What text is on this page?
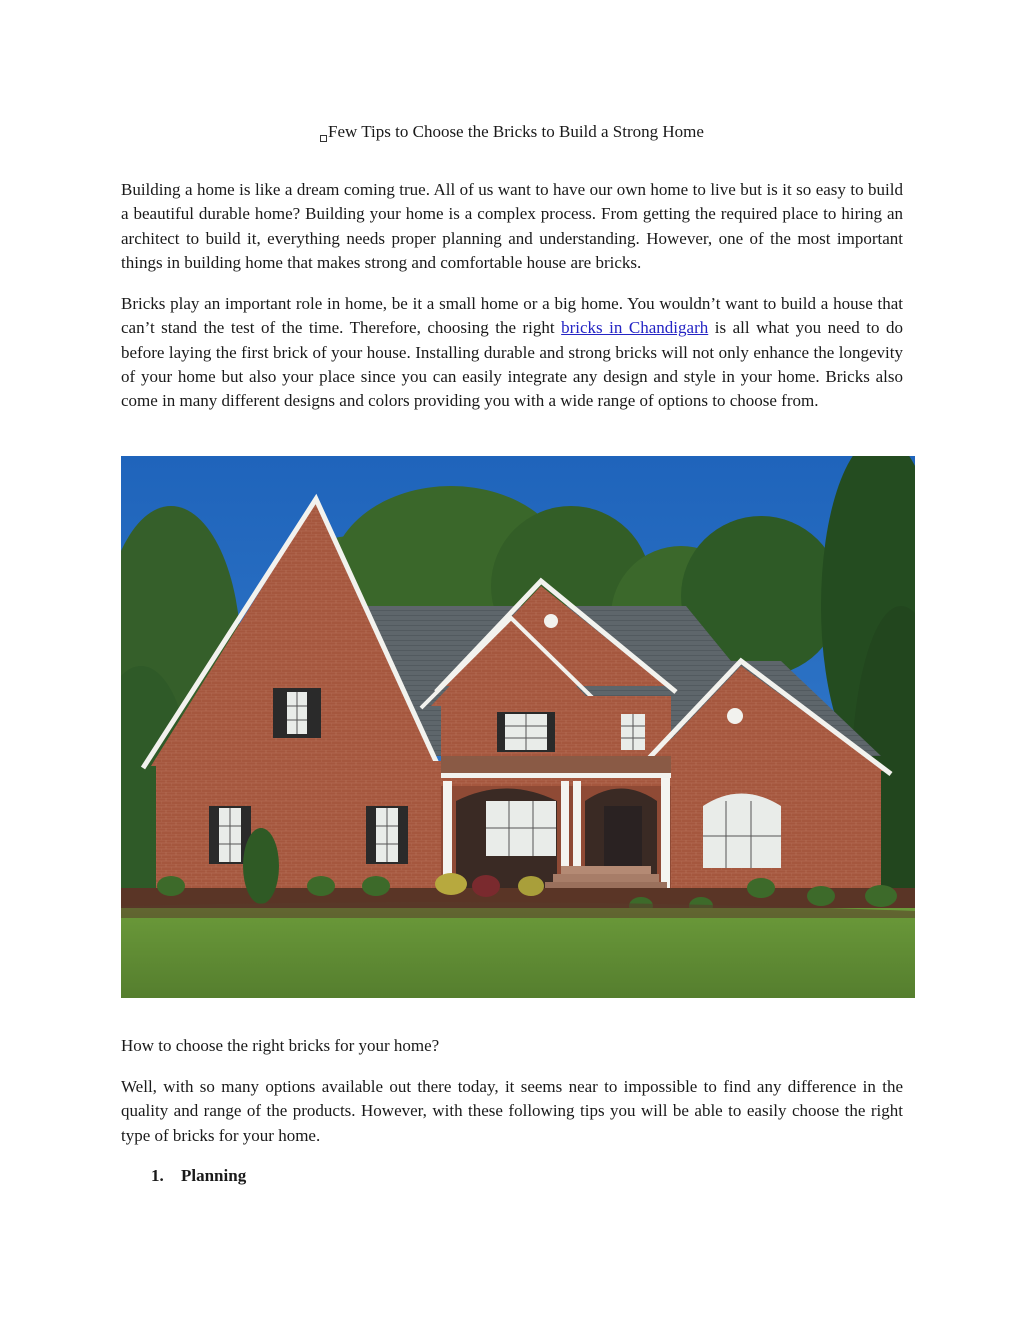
Few Tips to Choose the Bricks to Build a Strong Home

Building a home is like a dream coming true. All of us want to have our own home to live but is it so easy to build a beautiful durable home? Building your home is a complex process. From getting the required place to hiring an architect to build it, everything needs proper planning and understanding. However, one of the most important things in building home that makes strong and comfortable house are bricks.

Bricks play an important role in home, be it a small home or a big home. You wouldn’t want to build a house that can’t stand the test of the time. Therefore, choosing the right bricks in Chandigarh is all what you need to do before laying the first brick of your house. Installing durable and strong bricks will not only enhance the longevity of your home but also your place since you can easily integrate any design and style in your home. Bricks also come in many different designs and colors providing you with a wide range of options to choose from.

How to choose the right bricks for your home?

Well, with so many options available out there today, it seems near to impossible to find any difference in the quality and range of the products. However, with these following tips you will be able to easily choose the right type of bricks for your home.

1. Planning
